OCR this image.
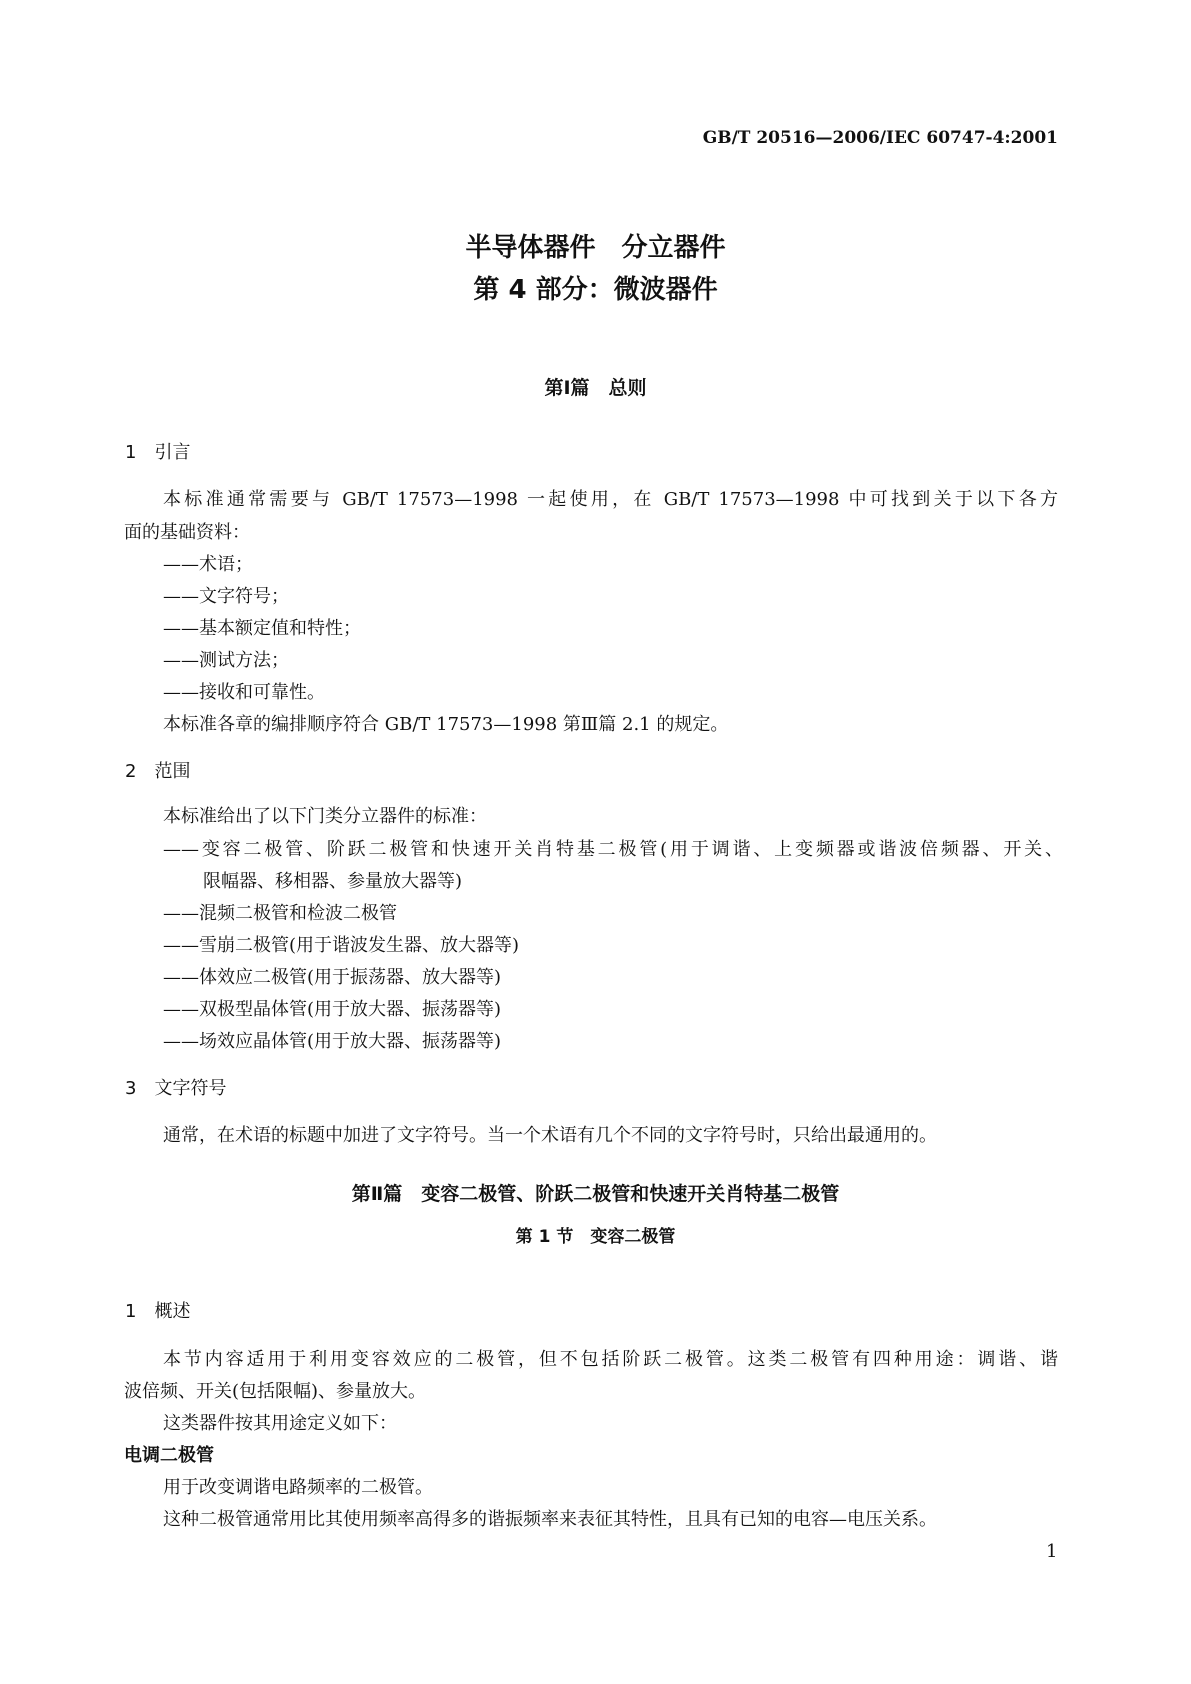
GB/T 20516—2006/IEC 60747-4:2001
半导体器件　分立器件
第 4 部分：微波器件
第Ⅰ篇　总则
1　引言
本标准通常需要与 GB/T 17573—1998 一起使用，在 GB/T 17573—1998 中可找到关于以下各方
面的基础资料：
——术语；
——文字符号；
——基本额定值和特性；
——测试方法；
——接收和可靠性。
本标准各章的编排顺序符合 GB/T 17573—1998 第Ⅲ篇 2.1 的规定。
2　范围
本标准给出了以下门类分立器件的标准：
——变容二极管、阶跃二极管和快速开关肖特基二极管(用于调谐、上变频器或谐波倍频器、开关、
限幅器、移相器、参量放大器等)
——混频二极管和检波二极管
——雪崩二极管(用于谐波发生器、放大器等)
——体效应二极管(用于振荡器、放大器等)
——双极型晶体管(用于放大器、振荡器等)
——场效应晶体管(用于放大器、振荡器等)
3　文字符号
通常，在术语的标题中加进了文字符号。当一个术语有几个不同的文字符号时，只给出最通用的。
第Ⅱ篇　变容二极管、阶跃二极管和快速开关肖特基二极管
第 1 节　变容二极管
1　概述
本节内容适用于利用变容效应的二极管，但不包括阶跃二极管。这类二极管有四种用途：调谐、谐
波倍频、开关(包括限幅)、参量放大。
这类器件按其用途定义如下：
电调二极管
用于改变调谐电路频率的二极管。
这种二极管通常用比其使用频率高得多的谐振频率来表征其特性，且具有已知的电容—电压关系。
1
